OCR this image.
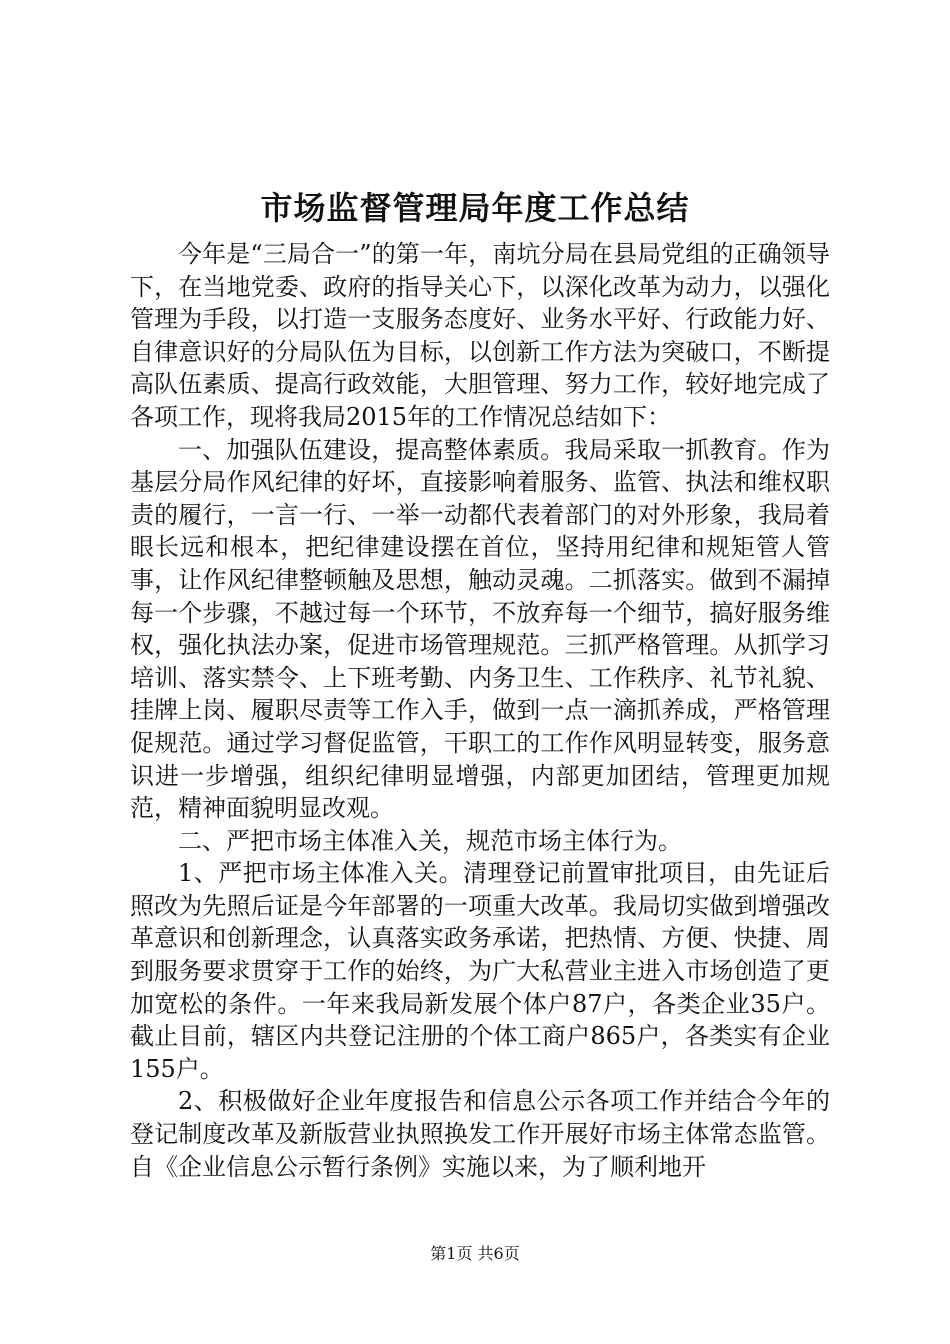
市场监督管理局年度工作总结

今年是“三局合一”的第一年，南坑分局在县局党组的正确领导下，在当地党委、政府的指导关心下，以深化改革为动力，以强化管理为手段，以打造一支服务态度好、业务水平好、行政能力好、自律意识好的分局队伍为目标，以创新工作方法为突破口，不断提高队伍素质、提高行政效能，大胆管理、努力工作，较好地完成了各项工作，现将我局2015年的工作情况总结如下：

一、加强队伍建设，提高整体素质。我局采取一抓教育。作为基层分局作风纪律的好坏，直接影响着服务、监管、执法和维权职责的履行，一言一行、一举一动都代表着部门的对外形象，我局着眼长远和根本，把纪律建设摆在首位，坚持用纪律和规矩管人管事，让作风纪律整顿触及思想，触动灵魂。二抓落实。做到不漏掉每一个步骤，不越过每一个环节，不放弃每一个细节，搞好服务维权，强化执法办案，促进市场管理规范。三抓严格管理。从抓学习培训、落实禁令、上下班考勤、内务卫生、工作秩序、礼节礼貌、挂牌上岗、履职尽责等工作入手，做到一点一滴抓养成，严格管理促规范。通过学习督促监管，干职工的工作作风明显转变，服务意识进一步增强，组织纪律明显增强，内部更加团结，管理更加规范，精神面貌明显改观。

二、严把市场主体准入关，规范市场主体行为。

1、严把市场主体准入关。清理登记前置审批项目，由先证后照改为先照后证是今年部署的一项重大改革。我局切实做到增强改革意识和创新理念，认真落实政务承诺，把热情、方便、快捷、周到服务要求贯穿于工作的始终，为广大私营业主进入市场创造了更加宽松的条件。一年来我局新发展个体户87户，各类企业35户。截止目前，辖区内共登记注册的个体工商户865户，各类实有企业155户。

2、积极做好企业年度报告和信息公示各项工作并结合今年的登记制度改革及新版营业执照换发工作开展好市场主体常态监管。自《企业信息公示暂行条例》实施以来，为了顺利地开

第1页 共6页
